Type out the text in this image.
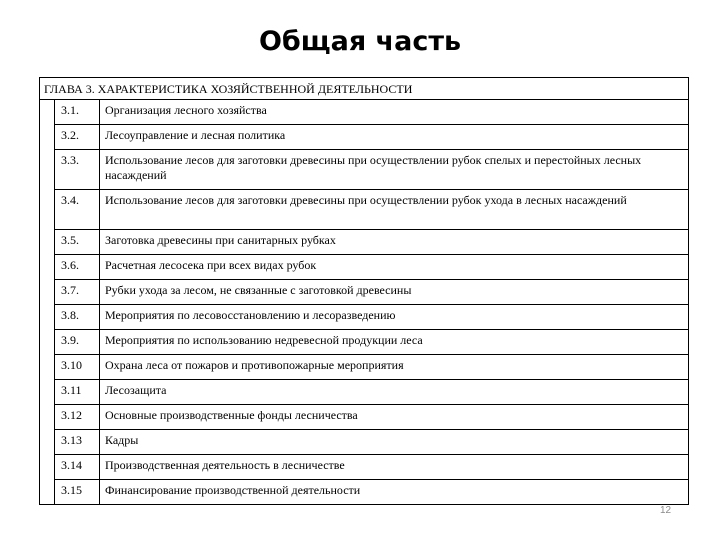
Общая часть
ГЛАВА 3. ХАРАКТЕРИСТИКА ХОЗЯЙСТВЕННОЙ ДЕЯТЕЛЬНОСТИ		
	3.1.	Организация лесного хозяйства
	3.2.	Лесоуправление и лесная политика
	3.3.	Использование лесов для заготовки древесины при осуществлении рубок спелых и перестойных лесных насаждений
	3.4.	Использование лесов для заготовки древесины при осуществлении рубок ухода в лесных насаждений
	3.5.	Заготовка древесины при санитарных рубках
	3.6.	Расчетная лесосека при всех видах рубок
	3.7.	Рубки ухода за лесом, не связанные с заготовкой древесины
	3.8.	Мероприятия по лесовосстановлению и лесоразведению
	3.9.	Мероприятия по использованию недревесной продукции леса
	3.10	Охрана леса от пожаров и противопожарные мероприятия
	3.11	Лесозащита
	3.12	Основные производственные фонды лесничества
	3.13	Кадры
	3.14	Производственная деятельность в лесничестве
	3.15	Финансирование производственной деятельности
12
